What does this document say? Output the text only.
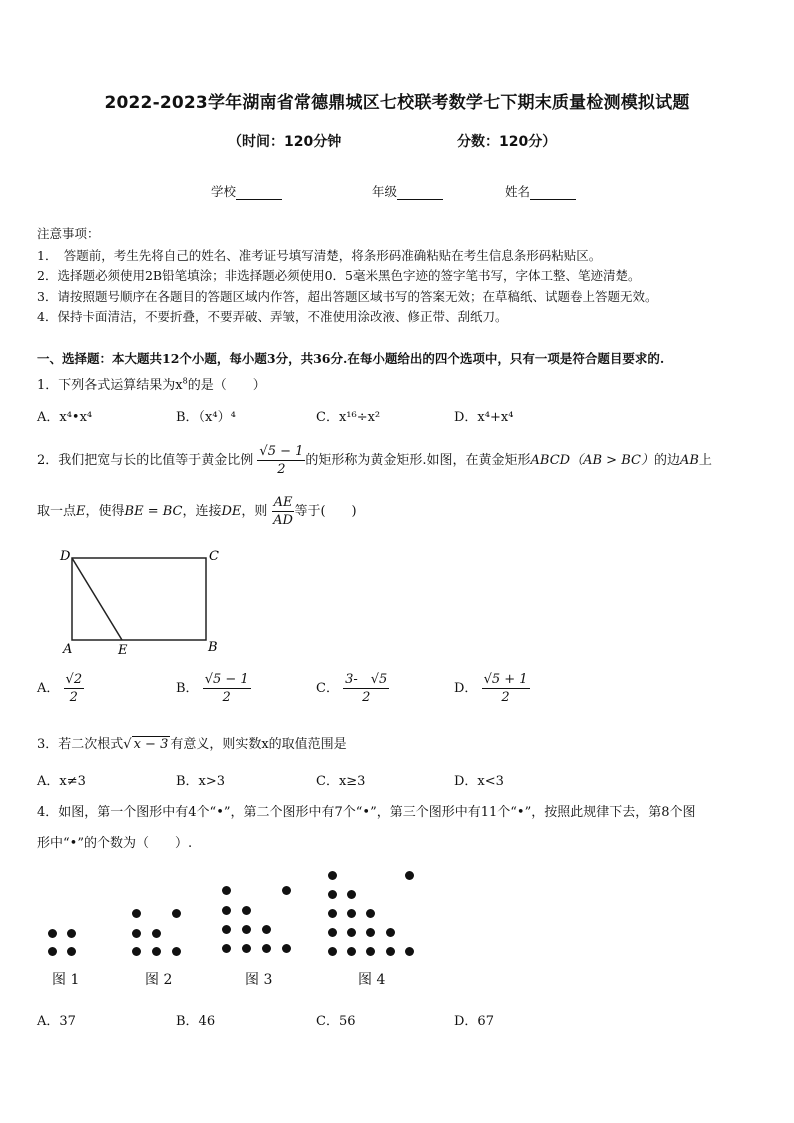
2022-2023学年湖南省常德鼎城区七校联考数学七下期末质量检测模拟试题
（时间：120分钟	分数：120分）
学校	年级	姓名
注意事项：
1．　答题前，考生先将自己的姓名、准考证号填写清楚，将条形码准确粘贴在考生信息条形码粘贴区。
2．选择题必须使用2B铅笔填涂；非选择题必须使用0．5毫米黑色字迹的签字笔书写，字体工整、笔迹清楚。
3．请按照题号顺序在各题目的答题区域内作答，超出答题区域书写的答案无效；在草稿纸、试题卷上答题无效。
4．保持卡面清洁，不要折叠，不要弄破、弄皱，不准使用涂改液、修正带、刮纸刀。
一、选择题：本大题共12个小题，每小题3分，共36分.在每小题给出的四个选项中，只有一项是符合题目要求的.
1．下列各式运算结果为$x^8$的是（　　）
A．x⁴•x⁴	B．（x⁴）⁴	C．x¹⁶÷x²	D．x⁴+x⁴
2．我们把宽与长的比值等于黄金比例 $\frac{√5 - 1}{2}$ 的矩形称为黄金矩形.如图，在黄金矩形ABCD（AB > BC）的边AB上
取一点E，使得BE = BC，连接DE，则 $\frac{AE}{AD}$ 等于(　　)
D	C
A	E	B
A． $\frac{√2}{2}$	B． $\frac{√5 - 1}{2}$	C． $\frac{3- √5}{2}$	D． $\frac{√5 + 1}{2}$
3．若二次根式√ x − 3 有意义，则实数x的取值范围是
A．x≠3	B．x>3	C．x≥3	D．x<3
4．如图，第一个图形中有4个“•”，第二个图形中有7个“•”，第三个图形中有11个“•”，按照此规律下去，第8个图
形中“•”的个数为（　　）.
图 1	图 2	图 3	图 4
A．37	B．46	C．56	D．67
